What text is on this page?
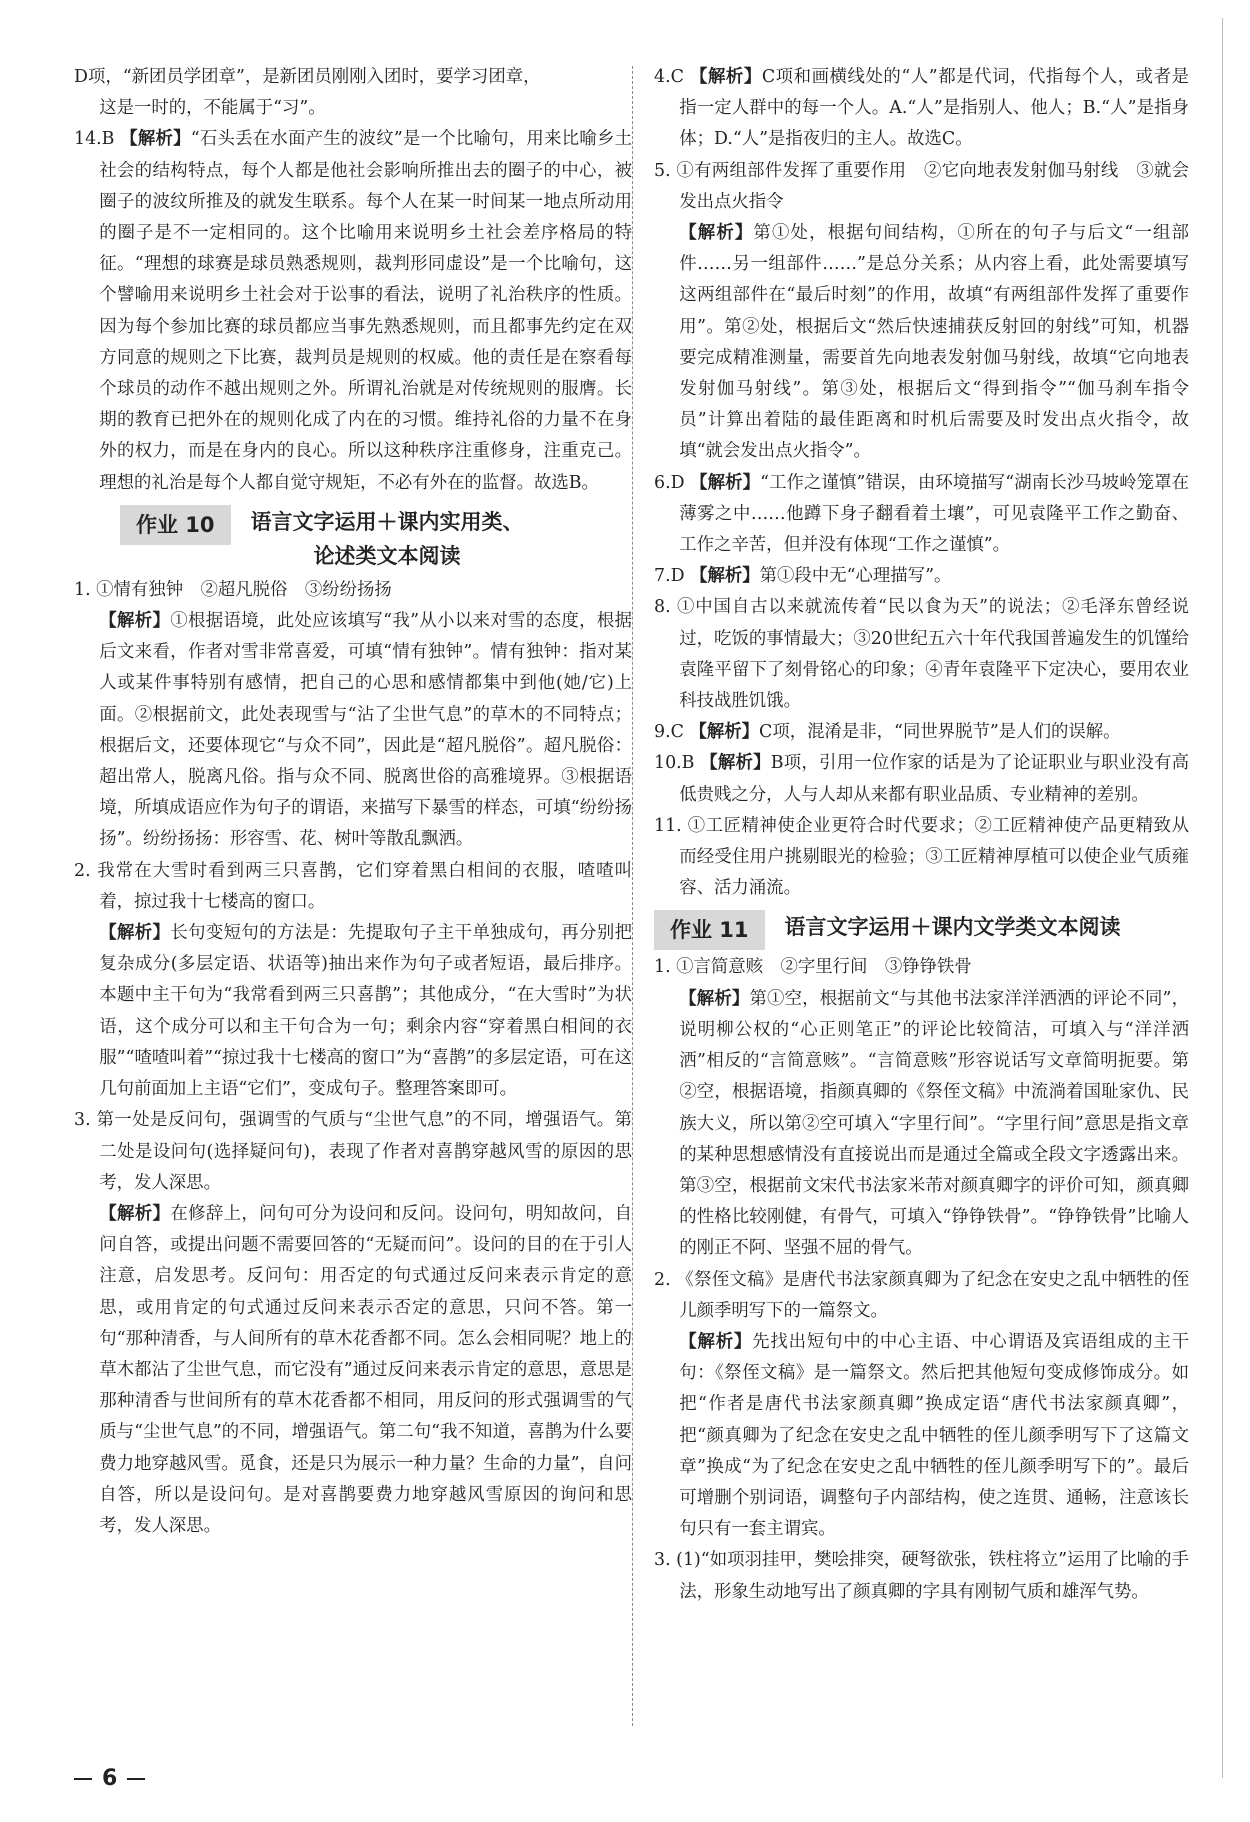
D项，“新团员学团章”，是新团员刚刚入团时，要学习团章，

这是一时的，不能属于“习”。

14.B 【解析】“石头丢在水面产生的波纹”是一个比喻句，用来比喻乡土社会的结构特点，每个人都是他社会影响所推出去的圈子的中心，被圈子的波纹所推及的就发生联系。每个人在某一时间某一地点所动用的圈子是不一定相同的。这个比喻用来说明乡土社会差序格局的特征。“理想的球赛是球员熟悉规则，裁判形同虚设”是一个比喻句，这个譬喻用来说明乡土社会对于讼事的看法，说明了礼治秩序的性质。因为每个参加比赛的球员都应当事先熟悉规则，而且都事先约定在双方同意的规则之下比赛，裁判员是规则的权威。他的责任是在察看每个球员的动作不越出规则之外。所谓礼治就是对传统规则的服膺。长期的教育已把外在的规则化成了内在的习惯。维持礼俗的力量不在身外的权力，而是在身内的良心。所以这种秩序注重修身，注重克己。理想的礼治是每个人都自觉守规矩，不必有外在的监督。故选B。

作业 10	语言文字运用＋课内实用类、
论述类文本阅读

1. ①情有独钟　②超凡脱俗　③纷纷扬扬

【解析】①根据语境，此处应该填写“我”从小以来对雪的态度，根据后文来看，作者对雪非常喜爱，可填“情有独钟”。情有独钟：指对某人或某件事特别有感情，把自己的心思和感情都集中到他(她/它)上面。②根据前文，此处表现雪与“沾了尘世气息”的草木的不同特点；根据后文，还要体现它“与众不同”，因此是“超凡脱俗”。超凡脱俗：超出常人，脱离凡俗。指与众不同、脱离世俗的高雅境界。③根据语境，所填成语应作为句子的谓语，来描写下暴雪的样态，可填“纷纷扬扬”。纷纷扬扬：形容雪、花、树叶等散乱飘洒。

2. 我常在大雪时看到两三只喜鹊，它们穿着黑白相间的衣服，喳喳叫着，掠过我十七楼高的窗口。

【解析】长句变短句的方法是：先提取句子主干单独成句，再分别把复杂成分(多层定语、状语等)抽出来作为句子或者短语，最后排序。本题中主干句为“我常看到两三只喜鹊”；其他成分，“在大雪时”为状语，这个成分可以和主干句合为一句；剩余内容“穿着黑白相间的衣服”“喳喳叫着”“掠过我十七楼高的窗口”为“喜鹊”的多层定语，可在这几句前面加上主语“它们”，变成句子。整理答案即可。

3. 第一处是反问句，强调雪的气质与“尘世气息”的不同，增强语气。第二处是设问句(选择疑问句)，表现了作者对喜鹊穿越风雪的原因的思考，发人深思。

【解析】在修辞上，问句可分为设问和反问。设问句，明知故问，自问自答，或提出问题不需要回答的“无疑而问”。设问的目的在于引人注意，启发思考。反问句：用否定的句式通过反问来表示肯定的意思，或用肯定的句式通过反问来表示否定的意思，只问不答。第一句“那种清香，与人间所有的草木花香都不同。怎么会相同呢？地上的草木都沾了尘世气息，而它没有”通过反问来表示肯定的意思，意思是那种清香与世间所有的草木花香都不相同，用反问的形式强调雪的气质与“尘世气息”的不同，增强语气。第二句“我不知道，喜鹊为什么要费力地穿越风雪。觅食，还是只为展示一种力量？生命的力量”，自问自答，所以是设问句。是对喜鹊要费力地穿越风雪原因的询问和思考，发人深思。

4.C 【解析】C项和画横线处的“人”都是代词，代指每个人，或者是指一定人群中的每一个人。A.“人”是指别人、他人；B.“人”是指身体；D.“人”是指夜归的主人。故选C。

5. ①有两组部件发挥了重要作用　②它向地表发射伽马射线　③就会发出点火指令

【解析】第①处，根据句间结构，①所在的句子与后文“一组部件……另一组部件……”是总分关系；从内容上看，此处需要填写这两组部件在“最后时刻”的作用，故填“有两组部件发挥了重要作用”。第②处，根据后文“然后快速捕获反射回的射线”可知，机器要完成精准测量，需要首先向地表发射伽马射线，故填“它向地表发射伽马射线”。第③处，根据后文“得到指令”“伽马刹车指令员”计算出着陆的最佳距离和时机后需要及时发出点火指令，故填“就会发出点火指令”。

6.D 【解析】“工作之谨慎”错误，由环境描写“湖南长沙马坡岭笼罩在薄雾之中……他蹲下身子翻看着土壤”，可见袁隆平工作之勤奋、工作之辛苦，但并没有体现“工作之谨慎”。

7.D 【解析】第①段中无“心理描写”。

8. ①中国自古以来就流传着“民以食为天”的说法；②毛泽东曾经说过，吃饭的事情最大；③20世纪五六十年代我国普遍发生的饥馑给袁隆平留下了刻骨铭心的印象；④青年袁隆平下定决心，要用农业科技战胜饥饿。

9.C 【解析】C项，混淆是非，“同世界脱节”是人们的误解。

10.B 【解析】B项，引用一位作家的话是为了论证职业与职业没有高低贵贱之分，人与人却从来都有职业品质、专业精神的差别。

11. ①工匠精神使企业更符合时代要求；②工匠精神使产品更精致从而经受住用户挑剔眼光的检验；③工匠精神厚植可以使企业气质雍容、活力涌流。

作业 11	语言文字运用＋课内文学类文本阅读

1. ①言简意赅　②字里行间　③铮铮铁骨

【解析】第①空，根据前文“与其他书法家洋洋洒洒的评论不同”，说明柳公权的“心正则笔正”的评论比较简洁，可填入与“洋洋洒洒”相反的“言简意赅”。“言简意赅”形容说话写文章简明扼要。第②空，根据语境，指颜真卿的《祭侄文稿》中流淌着国耻家仇、民族大义，所以第②空可填入“字里行间”。“字里行间”意思是指文章的某种思想感情没有直接说出而是通过全篇或全段文字透露出来。第③空，根据前文宋代书法家米芾对颜真卿字的评价可知，颜真卿的性格比较刚健，有骨气，可填入“铮铮铁骨”。“铮铮铁骨”比喻人的刚正不阿、坚强不屈的骨气。

2. 《祭侄文稿》是唐代书法家颜真卿为了纪念在安史之乱中牺牲的侄儿颜季明写下的一篇祭文。

【解析】先找出短句中的中心主语、中心谓语及宾语组成的主干句：《祭侄文稿》是一篇祭文。然后把其他短句变成修饰成分。如把“作者是唐代书法家颜真卿”换成定语“唐代书法家颜真卿”，把“颜真卿为了纪念在安史之乱中牺牲的侄儿颜季明写下了这篇文章”换成“为了纪念在安史之乱中牺牲的侄儿颜季明写下的”。最后可增删个别词语，调整句子内部结构，使之连贯、通畅，注意该长句只有一套主谓宾。

3. (1)“如项羽挂甲，樊哙排突，硬弩欲张，铁柱将立”运用了比喻的手法，形象生动地写出了颜真卿的字具有刚韧气质和雄浑气势。

6
